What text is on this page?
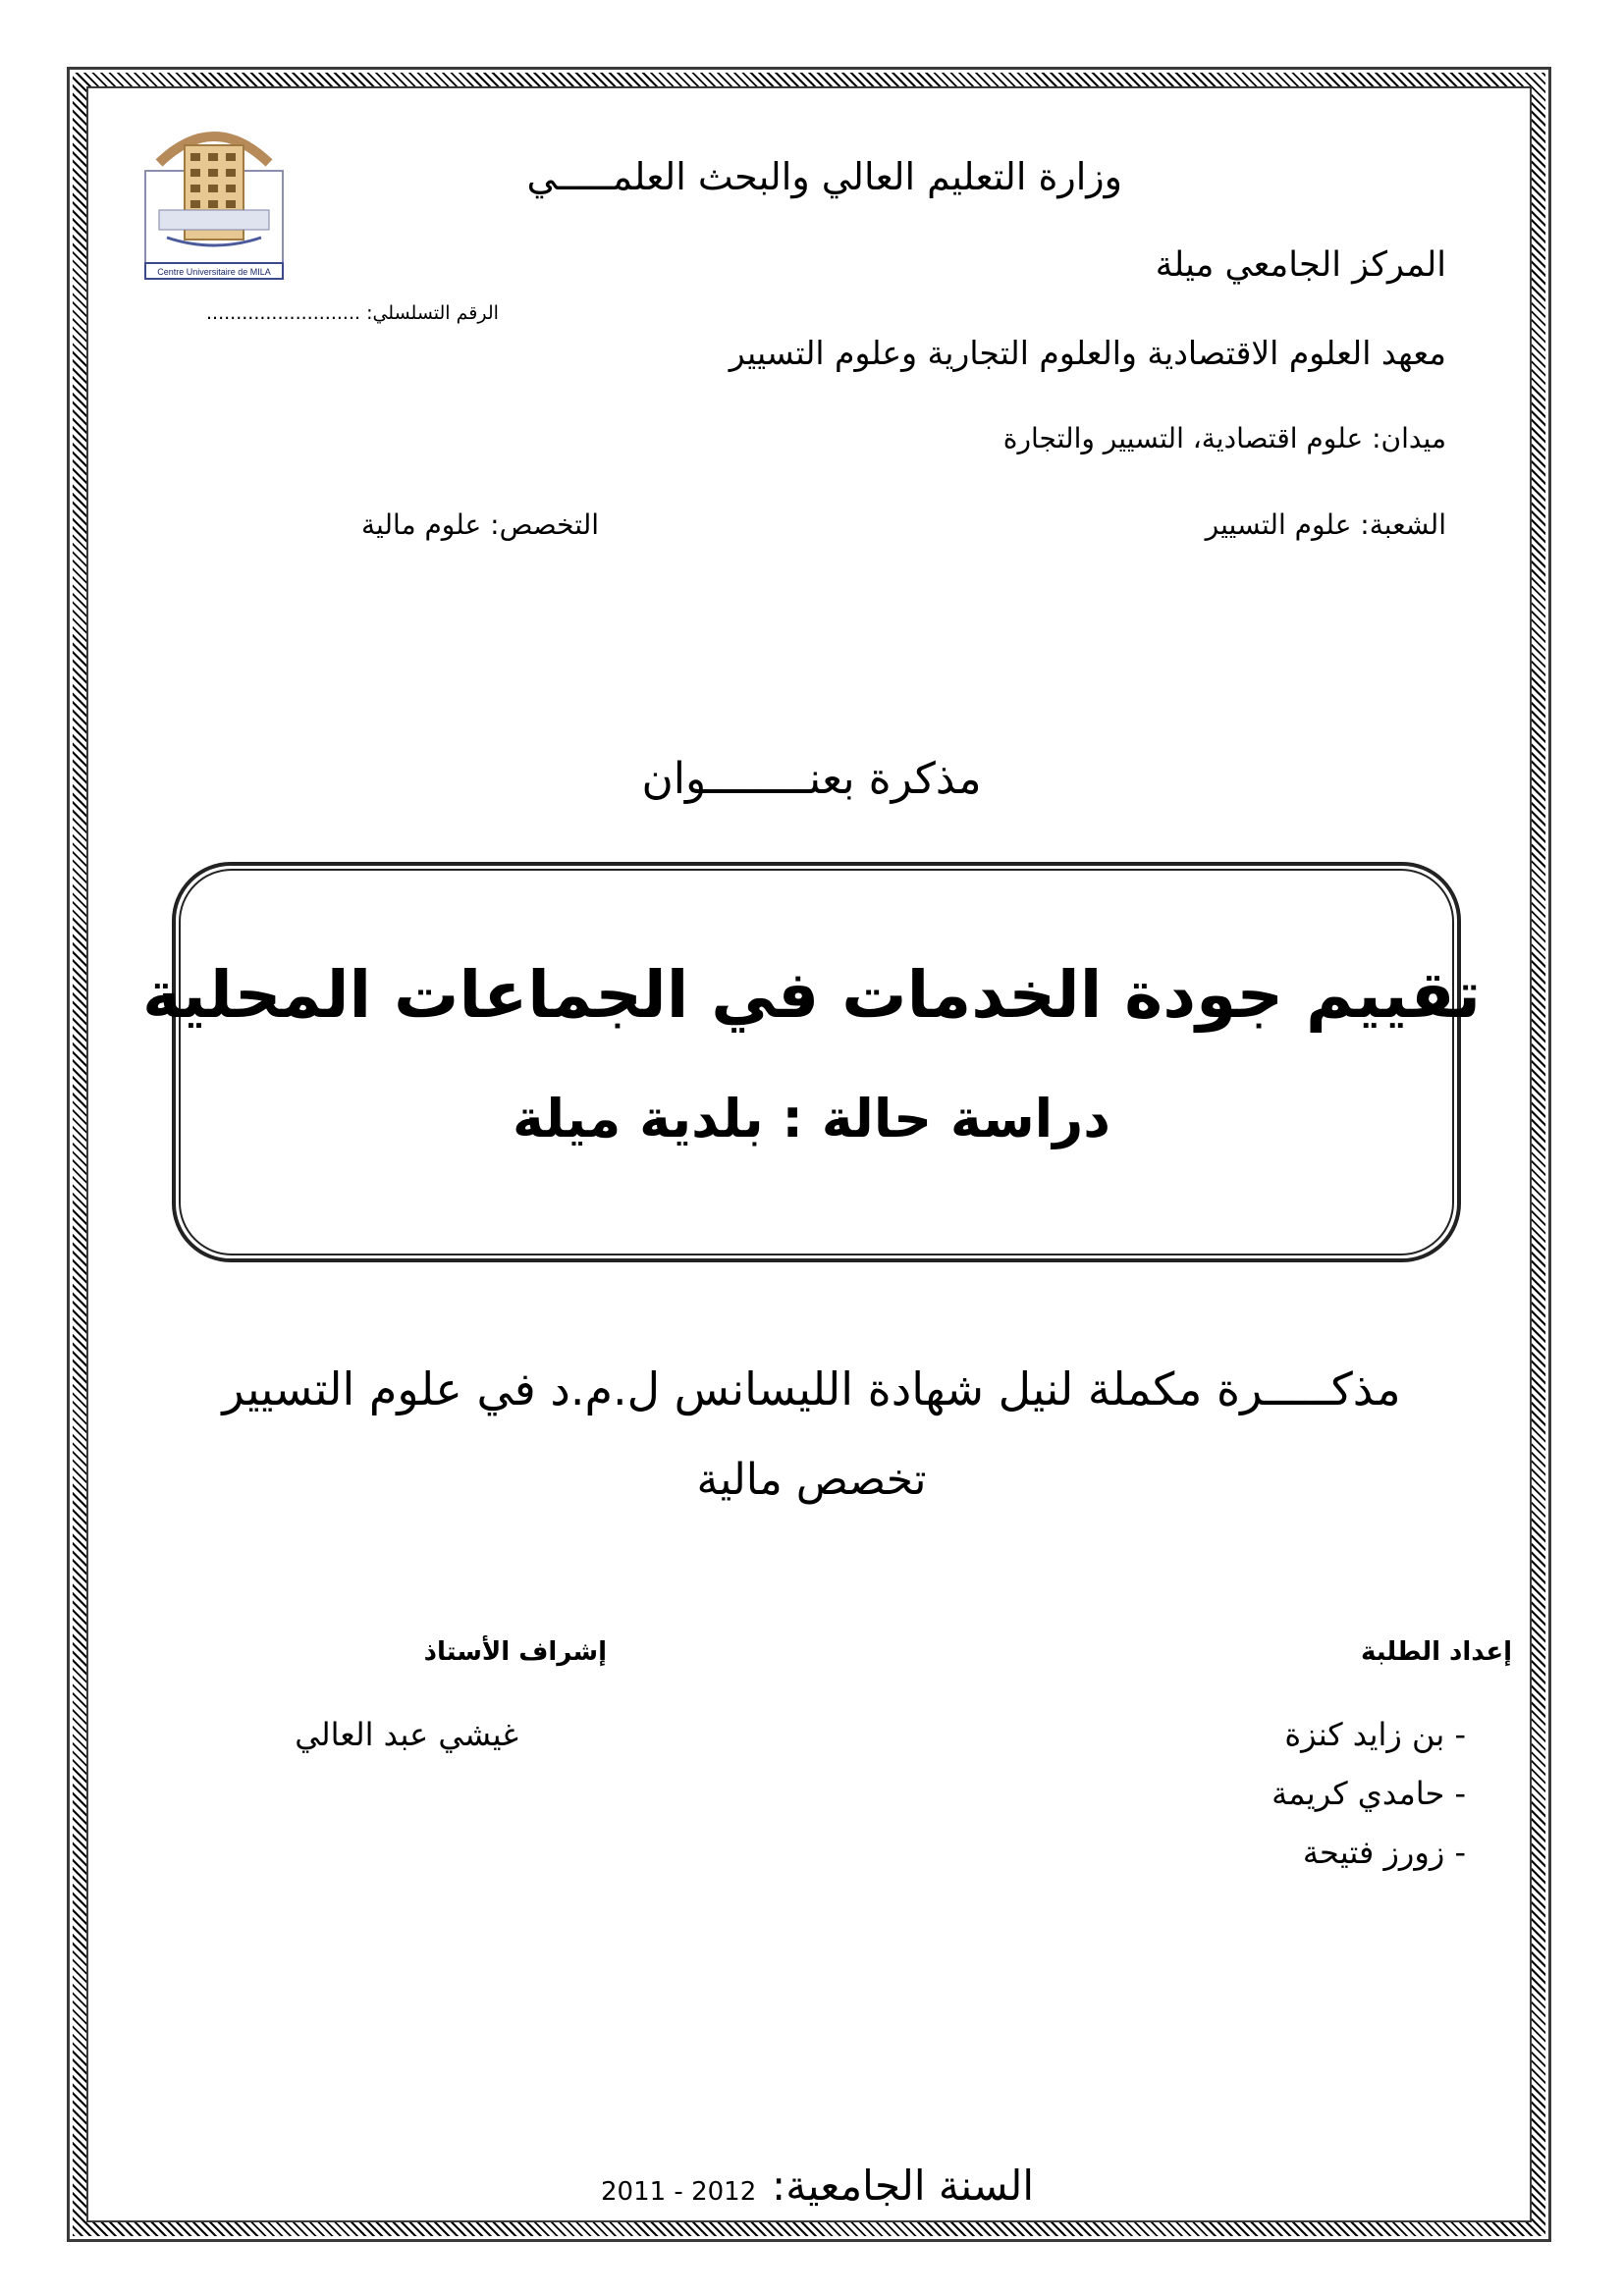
Centre Universitaire de MILA
وزارة التعليم العالي والبحث العلمـــــي
المركز الجامعي ميلة
الرقم التسلسلي: ..........................
معهد العلوم الاقتصادية والعلوم التجارية وعلوم التسيير
ميدان: علوم اقتصادية، التسيير والتجارة
الشعبة: علوم التسيير
التخصص: علوم مالية
مذكرة بعنــــــــوان
تقييم جودة الخدمات في الجماعات المحلية
دراسة حالة : بلدية ميلة
مذكـــــرة مكملة لنيل شهادة الليسانس ل.م.د في علوم التسيير
تخصص مالية
إعداد الطلبة
إشراف الأستاذ
- بن زايد كنزة
- حامدي كريمة
- زورز فتيحة
غيشي عبد العالي
السنة الجامعية:
2011 - 2012
